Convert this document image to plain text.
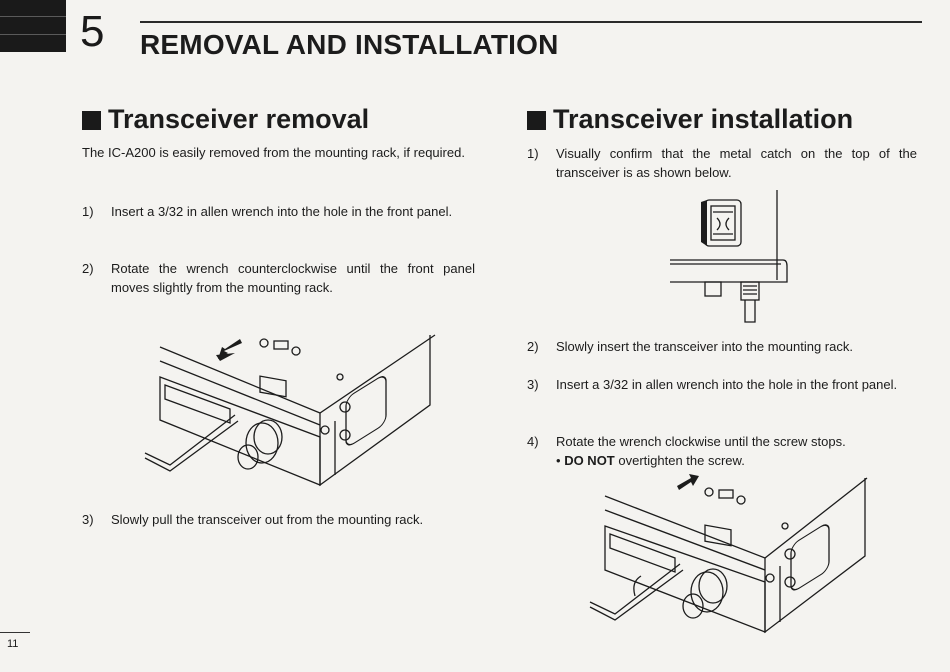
5 REMOVAL AND INSTALLATION
Transceiver removal
The IC-A200 is easily removed from the mounting rack, if required.
1) Insert a 3/32 in allen wrench into the hole in the front panel.
2) Rotate the wrench counterclockwise until the front panel moves slightly from the mounting rack.
3) Slowly pull the transceiver out from the mounting rack.
Transceiver installation
1) Visually confirm that the metal catch on the top of the transceiver is as shown below.
2) Slowly insert the transceiver into the mounting rack.
3) Insert a 3/32 in allen wrench into the hole in the front panel.
4) Rotate the wrench clockwise until the screw stops.
• DO NOT overtighten the screw.
11
